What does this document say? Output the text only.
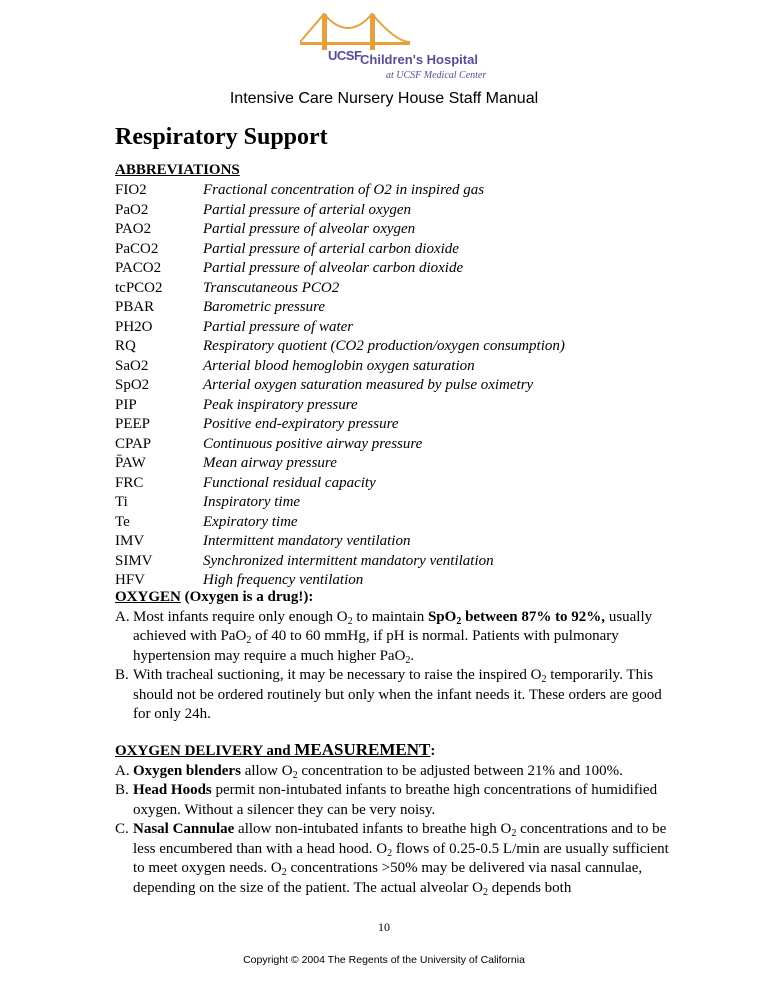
UCSF
Children's Hospital
at UCSF Medical Center
Intensive Care Nursery House Staff Manual
Respiratory Support
ABBREVIATIONS
FIO2	Fractional concentration of O2 in inspired gas
PaO2	Partial pressure of arterial oxygen
PAO2	Partial pressure of alveolar oxygen
PaCO2	Partial pressure of arterial carbon dioxide
PACO2	Partial pressure of alveolar carbon dioxide
tcPCO2	Transcutaneous PCO2
PBAR	Barometric pressure
PH2O	Partial pressure of water
RQ	Respiratory quotient (CO2 production/oxygen consumption)
SaO2	Arterial blood hemoglobin oxygen saturation
SpO2	Arterial oxygen saturation measured by pulse oximetry
PIP	Peak inspiratory pressure
PEEP	Positive end-expiratory pressure
CPAP	Continuous positive airway pressure
P̄AW	Mean airway pressure
FRC	Functional residual capacity
Ti	Inspiratory time
Te	Expiratory time
IMV	Intermittent mandatory ventilation
SIMV	Synchronized intermittent mandatory ventilation
HFV	High frequency ventilation
OXYGEN (Oxygen is a drug!):
A. Most infants require only enough $O_2$ to maintain SpO$_2$ between 87% to 92%, usually achieved with PaO$_2$ of 40 to 60 mmHg, if pH is normal. Patients with pulmonary hypertension may require a much higher PaO$_2$.
B. With tracheal suctioning, it may be necessary to raise the inspired $O_2$ temporarily. This should not be ordered routinely but only when the infant needs it. These orders are good for only 24h.
OXYGEN DELIVERY and MEASUREMENT:
A. Oxygen blenders allow $O_2$ concentration to be adjusted between 21% and 100%.
B. Head Hoods permit non-intubated infants to breathe high concentrations of humidified oxygen. Without a silencer they can be very noisy.
C. Nasal Cannulae allow non-intubated infants to breathe high $O_2$ concentrations and to be less encumbered than with a head hood. $O_2$ flows of 0.25-0.5 L/min are usually sufficient to meet oxygen needs. $O_2$ concentrations >50% may be delivered via nasal cannulae, depending on the size of the patient. The actual alveolar $O_2$ depends both
10
Copyright © 2004 The Regents of the University of California
